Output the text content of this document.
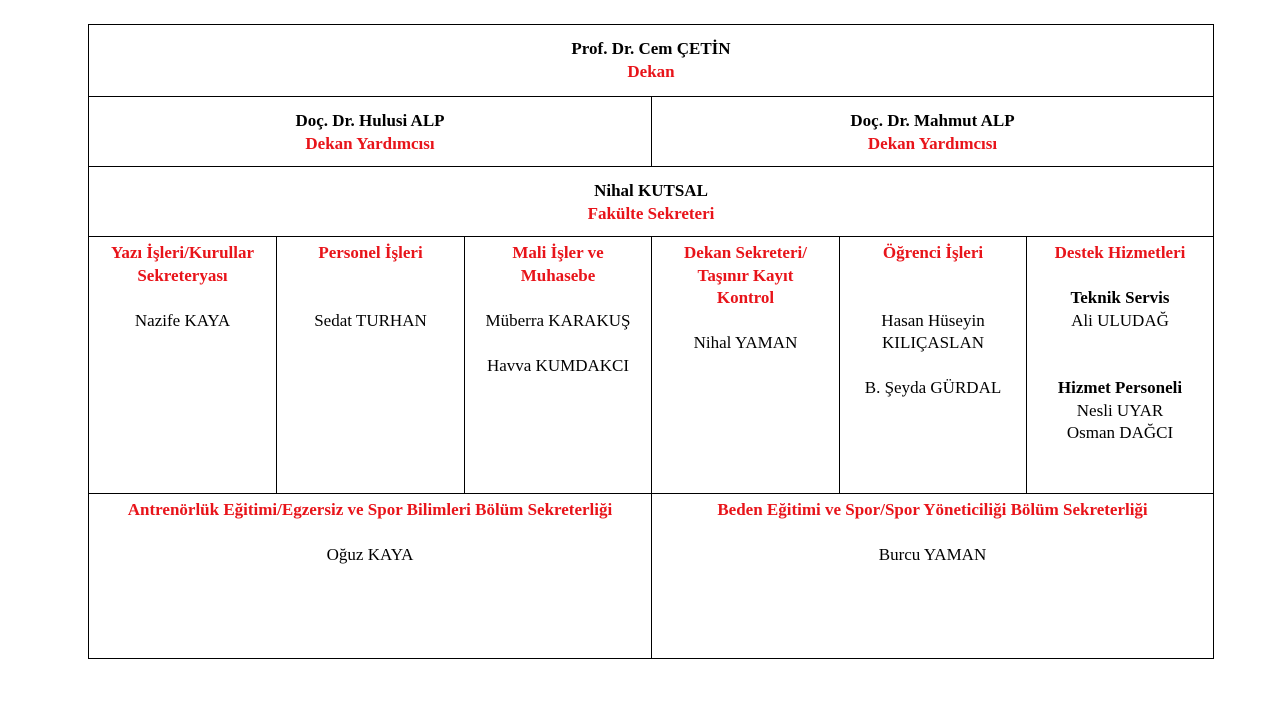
Prof. Dr. Cem ÇETİN
Dekan
Doç. Dr. Hulusi ALP
Dekan Yardımcısı
Doç. Dr. Mahmut ALP
Dekan Yardımcısı
Nihal KUTSAL
Fakülte Sekreteri
Yazı İşleri/Kurullar
Sekreteryası
Nazife KAYA
Personel İşleri
Sedat TURHAN
Mali İşler ve
Muhasebe
Müberra KARAKUŞ
Havva KUMDAKCI
Dekan Sekreteri/
Taşınır Kayıt
Kontrol
Nihal YAMAN
Öğrenci İşleri
Hasan Hüseyin
KILIÇASLAN
B. Şeyda GÜRDAL
Destek Hizmetleri
Teknik Servis
Ali ULUDAĞ
Hizmet Personeli
Nesli UYAR
Osman DAĞCI
Antrenörlük Eğitimi/Egzersiz ve Spor Bilimleri Bölüm Sekreterliği
Oğuz KAYA
Beden Eğitimi ve Spor/Spor Yöneticiliği Bölüm Sekreterliği
Burcu YAMAN
